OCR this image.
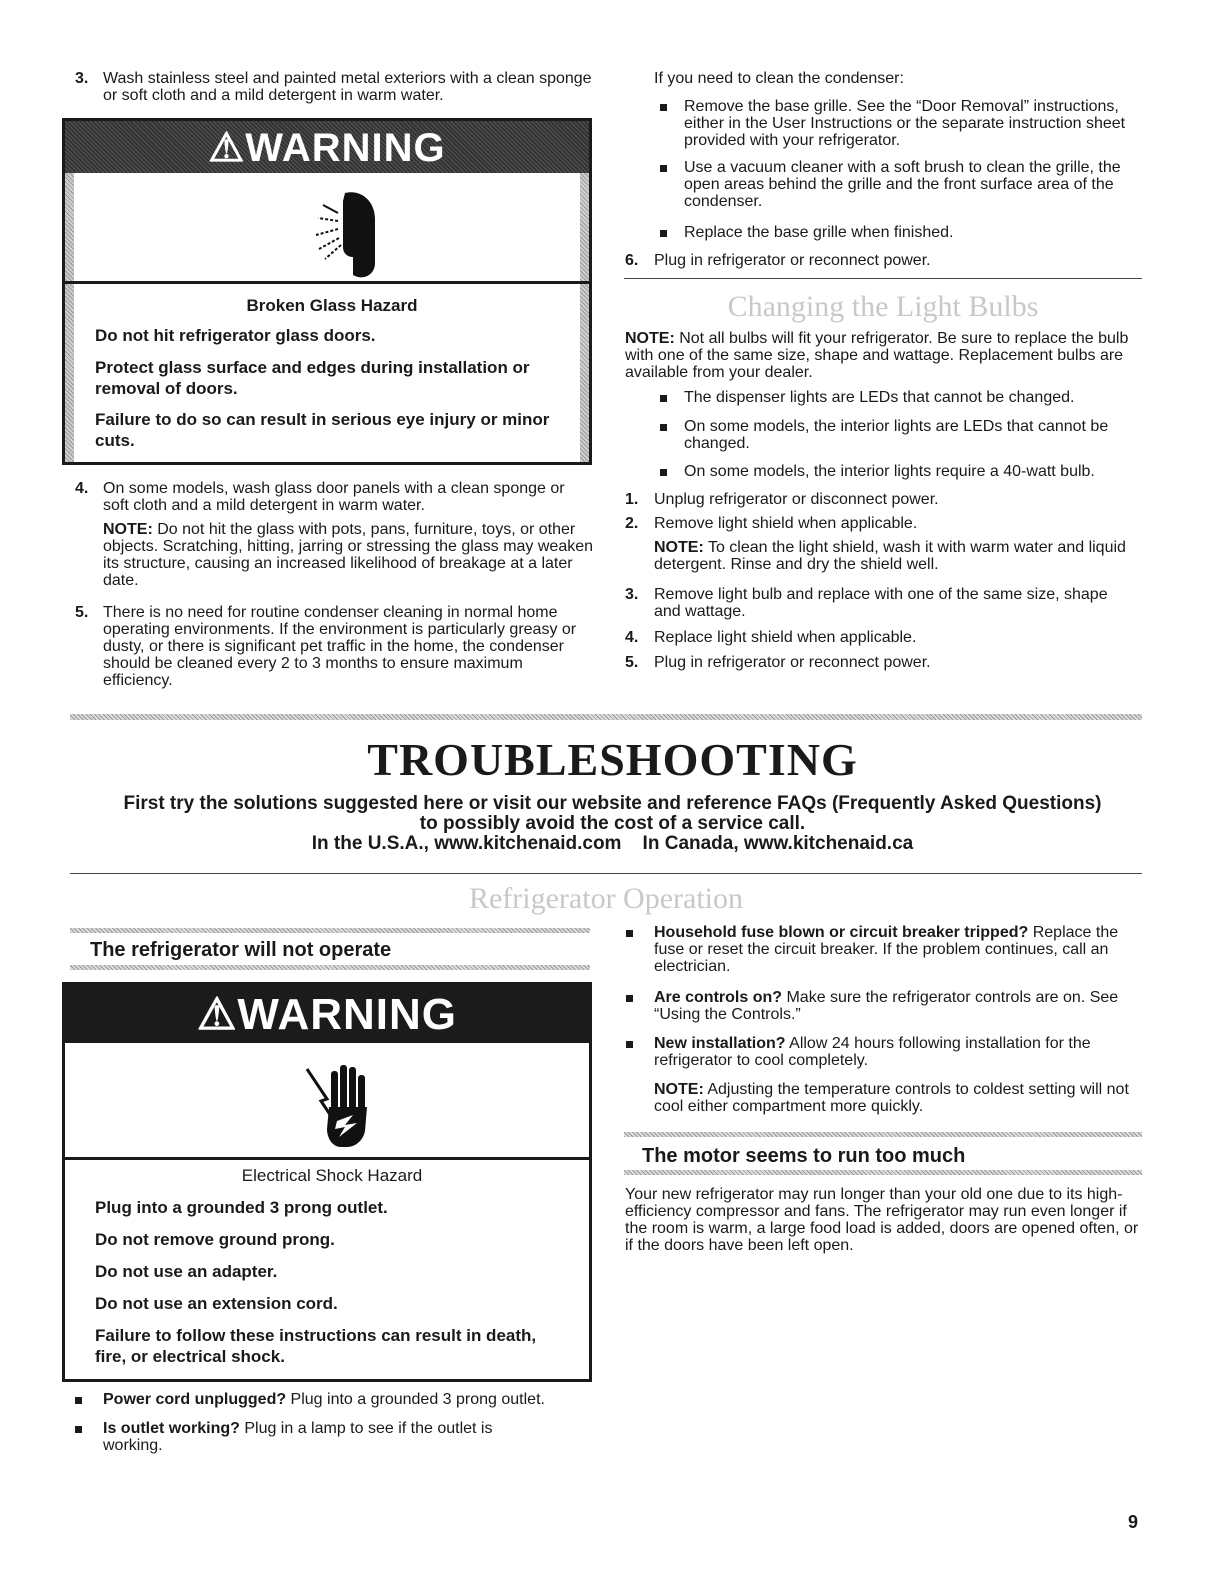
3. Wash stainless steel and painted metal exteriors with a clean sponge or soft cloth and a mild detergent in warm water.
⚠WARNING
Broken Glass Hazard
Do not hit refrigerator glass doors.
Protect glass surface and edges during installation or removal of doors.
Failure to do so can result in serious eye injury or minor cuts.
4. On some models, wash glass door panels with a clean sponge or soft cloth and a mild detergent in warm water.
NOTE: Do not hit the glass with pots, pans, furniture, toys, or other objects. Scratching, hitting, jarring or stressing the glass may weaken its structure, causing an increased likelihood of breakage at a later date.
5. There is no need for routine condenser cleaning in normal home operating environments. If the environment is particularly greasy or dusty, or there is significant pet traffic in the home, the condenser should be cleaned every 2 to 3 months to ensure maximum efficiency.
If you need to clean the condenser:
Remove the base grille. See the “Door Removal” instructions, either in the User Instructions or the separate instruction sheet provided with your refrigerator.
Use a vacuum cleaner with a soft brush to clean the grille, the open areas behind the grille and the front surface area of the condenser.
Replace the base grille when finished.
6. Plug in refrigerator or reconnect power.
Changing the Light Bulbs
NOTE: Not all bulbs will fit your refrigerator. Be sure to replace the bulb with one of the same size, shape and wattage. Replacement bulbs are available from your dealer.
The dispenser lights are LEDs that cannot be changed.
On some models, the interior lights are LEDs that cannot be changed.
On some models, the interior lights require a 40-watt bulb.
1. Unplug refrigerator or disconnect power.
2. Remove light shield when applicable.
NOTE: To clean the light shield, wash it with warm water and liquid detergent. Rinse and dry the shield well.
3. Remove light bulb and replace with one of the same size, shape and wattage.
4. Replace light shield when applicable.
5. Plug in refrigerator or reconnect power.
TROUBLESHOOTING
First try the solutions suggested here or visit our website and reference FAQs (Frequently Asked Questions)
to possibly avoid the cost of a service call.
In the U.S.A., www.kitchenaid.com    In Canada, www.kitchenaid.ca
Refrigerator Operation
The refrigerator will not operate
⚠WARNING
Electrical Shock Hazard
Plug into a grounded 3 prong outlet.
Do not remove ground prong.
Do not use an adapter.
Do not use an extension cord.
Failure to follow these instructions can result in death, fire, or electrical shock.
Power cord unplugged? Plug into a grounded 3 prong outlet.
Is outlet working? Plug in a lamp to see if the outlet is working.
Household fuse blown or circuit breaker tripped? Replace the fuse or reset the circuit breaker. If the problem continues, call an electrician.
Are controls on? Make sure the refrigerator controls are on. See “Using the Controls.”
New installation? Allow 24 hours following installation for the refrigerator to cool completely.
NOTE: Adjusting the temperature controls to coldest setting will not cool either compartment more quickly.
The motor seems to run too much
Your new refrigerator may run longer than your old one due to its high-efficiency compressor and fans. The refrigerator may run even longer if the room is warm, a large food load is added, doors are opened often, or if the doors have been left open.
9
